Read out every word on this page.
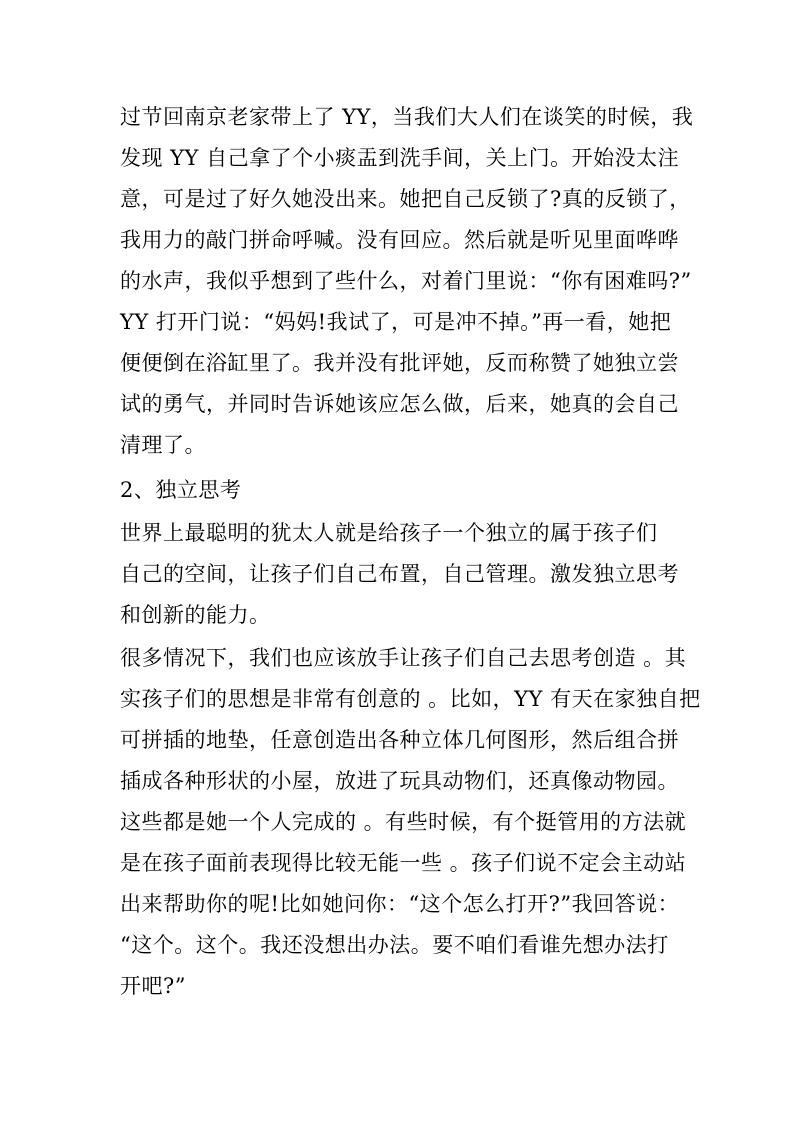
过节回南京老家带上了 YY，当我们大人们在谈笑的时候，我
发现 YY 自己拿了个小痰盂到洗手间，关上门。开始没太注
意，可是过了好久她没出来。她把自己反锁了?真的反锁了，
我用力的敲门拼命呼喊。没有回应。然后就是听见里面哗哗
的水声，我似乎想到了些什么，对着门里说：“你有困难吗?”
YY 打开门说：“妈妈!我试了，可是冲不掉。”再一看，她把
便便倒在浴缸里了。我并没有批评她，反而称赞了她独立尝
试的勇气，并同时告诉她该应怎么做，后来，她真的会自己
清理了。
2、独立思考
世界上最聪明的犹太人就是给孩子一个独立的属于孩子们
自己的空间，让孩子们自己布置，自己管理。激发独立思考
和创新的能力。
很多情况下，我们也应该放手让孩子们自己去思考创造 。其
实孩子们的思想是非常有创意的 。比如，YY 有天在家独自把
可拼插的地垫，任意创造出各种立体几何图形，然后组合拼
插成各种形状的小屋，放进了玩具动物们，还真像动物园。
这些都是她一个人完成的 。有些时候，有个挺管用的方法就
是在孩子面前表现得比较无能一些 。孩子们说不定会主动站
出来帮助你的呢!比如她问你：“这个怎么打开?”我回答说：
“这个。这个。我还没想出办法。要不咱们看谁先想办法打
开吧?”
